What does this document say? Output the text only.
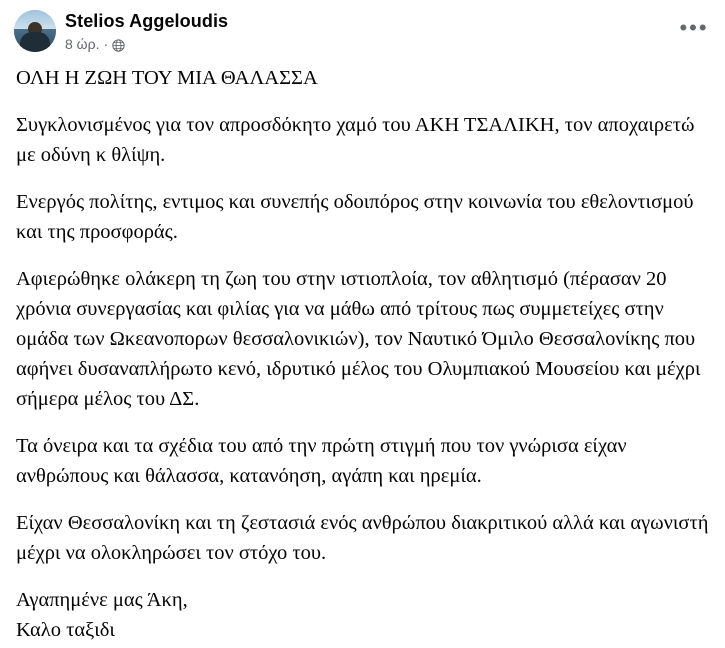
Stelios Aggeloudis
8 ώρ. ·
•••

ΟΛΗ Η ΖΩΗ ΤΟΥ ΜΙΑ ΘΑΛΑΣΣΑ

Συγκλονισμένος για τον απροσδόκητο χαμό του ΑΚΗ ΤΣΑΛΙΚΗ, τον αποχαιρετώ με οδύνη κ θλίψη.

Ενεργός πολίτης, εντιμος και συνεπής οδοιπόρος στην κοινωνία του εθελοντισμού και της προσφοράς.

Αφιερώθηκε ολάκερη τη ζωη του στην ιστιοπλοία, τον αθλητισμό (πέρασαν 20 χρόνια συνεργασίας και φιλίας για να μάθω από τρίτους πως συμμετείχες στην ομάδα των Ωκεανοπορων θεσσαλονικιών), τον Ναυτικό Όμιλο Θεσσαλονίκης που αφήνει δυσαναπλήρωτο κενό, ιδρυτικό μέλος του Ολυμπιακού Μουσείου και μέχρι σήμερα μέλος του ΔΣ.

Τα όνειρα και τα σχέδια του από την πρώτη στιγμή που τον γνώρισα είχαν ανθρώπους και θάλασσα, κατανόηση, αγάπη και ηρεμία.

Είχαν Θεσσαλονίκη και τη ζεστασιά ενός ανθρώπου διακριτικού αλλά και αγωνιστή μέχρι να ολοκληρώσει τον στόχο του.

Αγαπημένε μας Άκη,

Καλο ταξιδι
